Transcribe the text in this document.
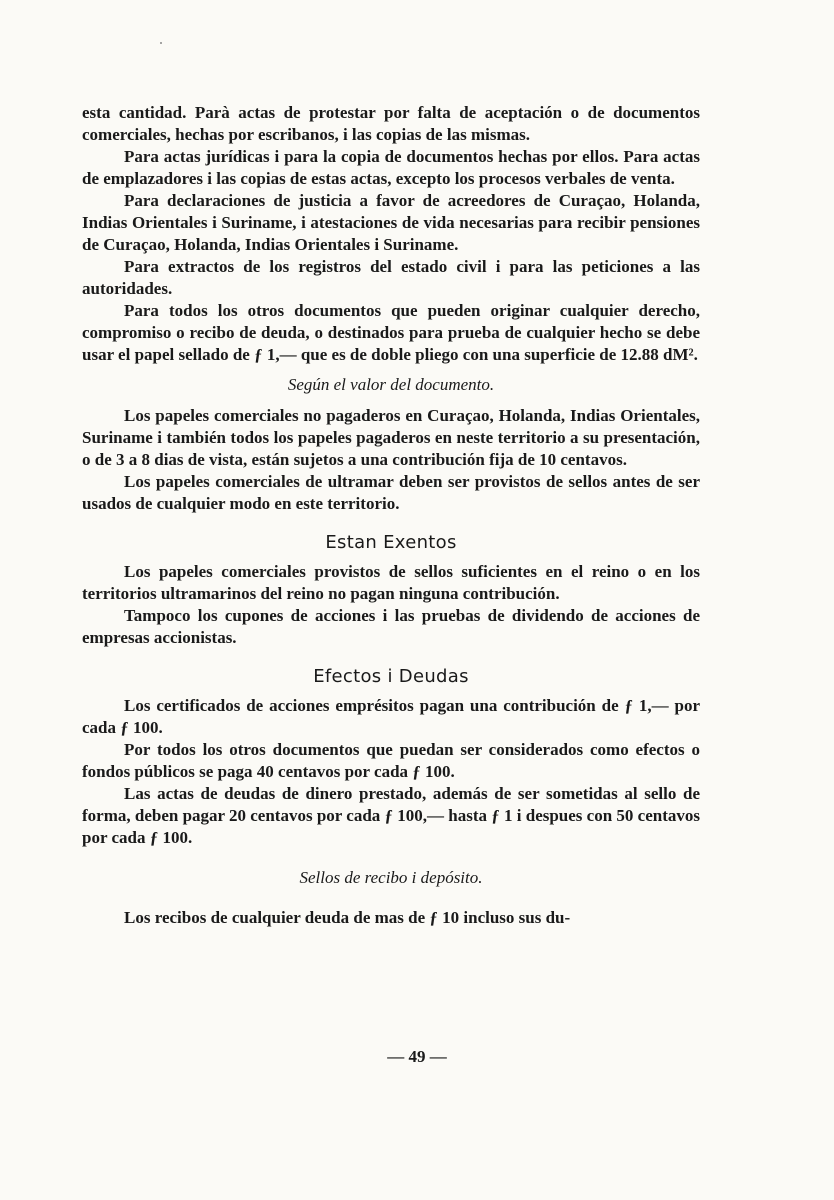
esta cantidad. Parà actas de protestar por falta de aceptación o de documentos comerciales, hechas por escribanos, i las copias de las mismas.

Para actas jurídicas i para la copia de documentos hechas por ellos. Para actas de emplazadores i las copias de estas actas, excepto los procesos verbales de venta.

Para declaraciones de justicia a favor de acreedores de Curaçao, Holanda, Indias Orientales i Suriname, i atestaciones de vida necesarias para recibir pensiones de Curaçao, Holanda, Indias Orientales i Suriname.

Para extractos de los registros del estado civil i para las peticiones a las autoridades.

Para todos los otros documentos que pueden originar cualquier derecho, compromiso o recibo de deuda, o destinados para prueba de cualquier hecho se debe usar el papel sellado de ƒ 1,— que es de doble pliego con una superficie de 12.88 dM².

Según el valor del documento.

Los papeles comerciales no pagaderos en Curaçao, Holanda, Indias Orientales, Suriname i también todos los papeles pagaderos en neste territorio a su presentación, o de 3 a 8 dias de vista, están sujetos a una contribución fija de 10 centavos.

Los papeles comerciales de ultramar deben ser provistos de sellos antes de ser usados de cualquier modo en este territorio.

Estan Exentos

Los papeles comerciales provistos de sellos suficientes en el reino o en los territorios ultramarinos del reino no pagan ninguna contribución.

Tampoco los cupones de acciones i las pruebas de dividendo de acciones de empresas accionistas.

Efectos i Deudas

Los certificados de acciones emprésitos pagan una contribución de ƒ 1,— por cada ƒ 100.

Por todos los otros documentos que puedan ser considerados como efectos o fondos públicos se paga 40 centavos por cada ƒ 100.

Las actas de deudas de dinero prestado, además de ser sometidas al sello de forma, deben pagar 20 centavos por cada ƒ 100,— hasta ƒ 1 i despues con 50 centavos por cada ƒ 100.

Sellos de recibo i depósito.

Los recibos de cualquier deuda de mas de ƒ 10 incluso sus du-

— 49 —
